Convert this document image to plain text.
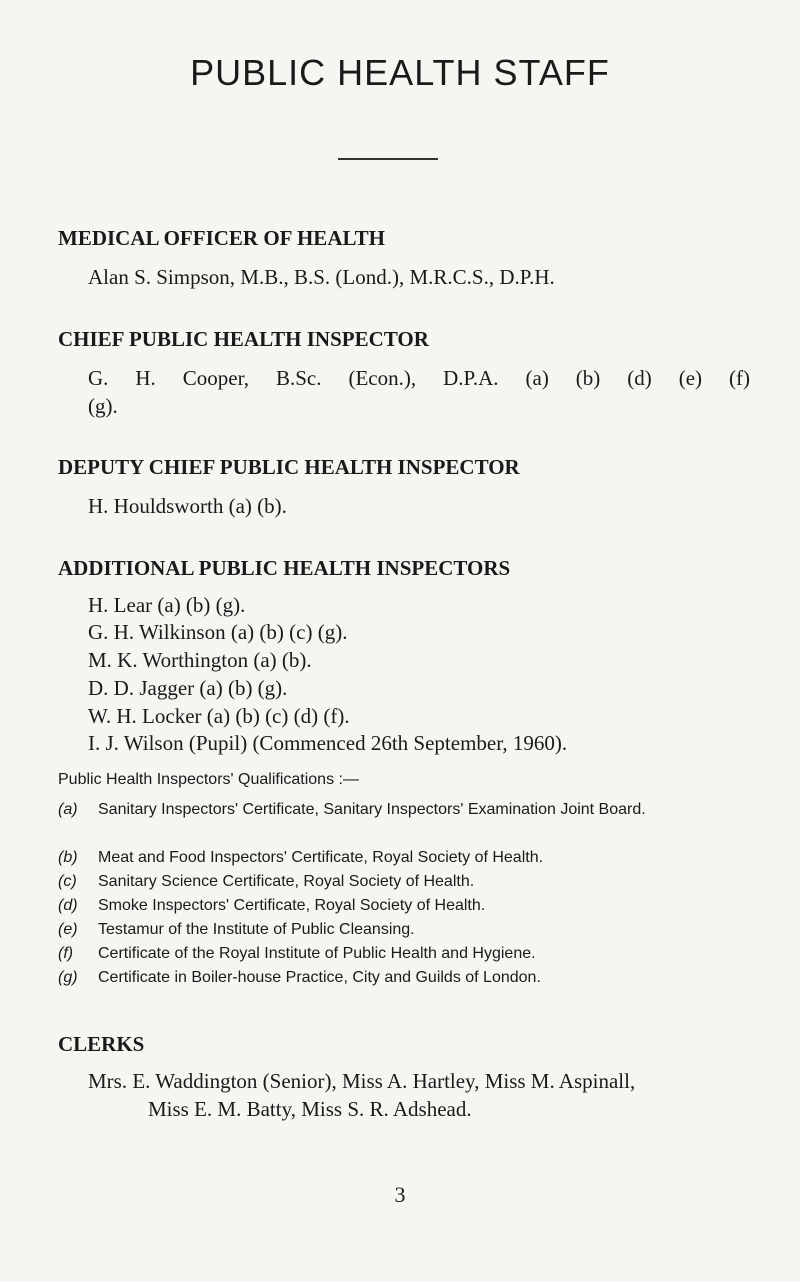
PUBLIC HEALTH STAFF
MEDICAL OFFICER OF HEALTH
Alan S. Simpson, M.B., B.S. (Lond.), M.R.C.S., D.P.H.
CHIEF PUBLIC HEALTH INSPECTOR
G. H. Cooper, B.Sc. (Econ.), D.P.A. (a) (b) (d) (e) (f)
(g).
DEPUTY CHIEF PUBLIC HEALTH INSPECTOR
H. Houldsworth (a) (b).
ADDITIONAL PUBLIC HEALTH INSPECTORS
H. Lear (a) (b) (g).
G. H. Wilkinson (a) (b) (c) (g).
M. K. Worthington (a) (b).
D. D. Jagger (a) (b) (g).
W. H. Locker (a) (b) (c) (d) (f).
I. J. Wilson (Pupil) (Commenced 26th September, 1960).
Public Health Inspectors' Qualifications :—
(a) Sanitary Inspectors' Certificate, Sanitary Inspectors' Examination Joint Board.
(b) Meat and Food Inspectors' Certificate, Royal Society of Health.
(c) Sanitary Science Certificate, Royal Society of Health.
(d) Smoke Inspectors' Certificate, Royal Society of Health.
(e) Testamur of the Institute of Public Cleansing.
(f) Certificate of the Royal Institute of Public Health and Hygiene.
(g) Certificate in Boiler-house Practice, City and Guilds of London.
CLERKS
Mrs. E. Waddington (Senior), Miss A. Hartley, Miss M. Aspinall,
Miss E. M. Batty, Miss S. R. Adshead.
3
